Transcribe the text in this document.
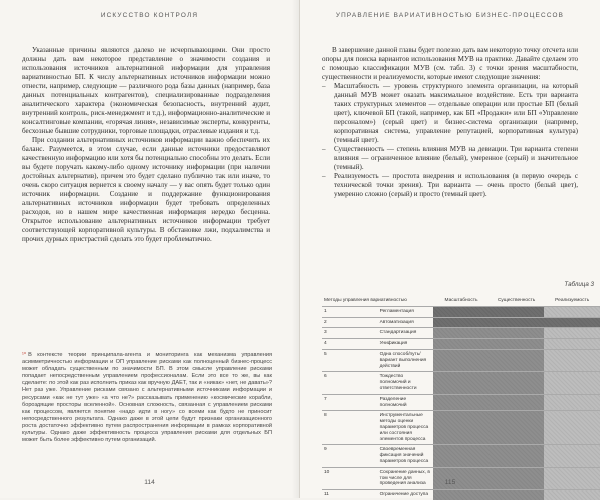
ИСКУССТВО КОНТРОЛЯ

Указанные причины являются далеко не исчерпывающими. Они просто должны дать вам некоторое представление о значимости создания и использования источников альтернативной информации для управления вариативностью БП. К числу альтернативных источников информации можно отнести, например, следующие — различного рода базы данных (например, база данных потенциальных контрагентов), специализированные подразделения аналитического характера (экономическая безопасность, внутренний аудит, внутренний контроль, риск-менеджмент и т.д.), информационно-аналитические и консалтинговые компании, «горячая линия», независимые эксперты, конкуренты, бесхозные бывшие сотрудники, торговые площадки, отраслевые издания и т.д.

При создании альтернативных источников информации важно обеспечить их баланс. Разумеется, в этом случае, если данные источники предоставляют качественную информацию или хотя бы потенциально способны это делать. Если вы будете поручать какому-либо одному источнику информации (при наличии достойных альтернатив), причем это будет сделано публично так или иначе, то очень скоро ситуация вернется к своему началу — у вас опять будет только один источник информации. Создание и поддержание функционирования альтернативных источников информации будет требовать определенных расходов, но в нашем мире качественная информация нередко бесценна. Открытое использование альтернативных источников информации требует соответствующей корпоративной культуры. В обстановке лжи, подхалимства и прочих дурных пристрастий сделать это будет проблематично.

¹⁰ В контексте теории принципала-агента и мониторинга как механизма управления асимметричностью информации и ОП управление рисками как полноценный бизнес-процесс может обладать существенным по значимости БП. В этом смысле управление рисками попадает непосредственным управлением профессионалам. Если это все то же, вы как сделаете: по этой как раз исполнить приказ как вручную ДАЕТ, так и «никак» «нет, не давать»? Нет раз уже. Управление рисками связано с альтернативными источниками информации и ресурсами «как не тут уже» «а что не?» рассказывать применению «космические корабли, бороздящие просторы вселенной». Основная сложность, связанная с управлением рисками как процессом, является понятие «надо идти в ногу» со всеми как будто не приносит непосредственного результата. Однако даже в этой цепи будут признаки организационного роста достаточно эффективно путем распространения информации в рамках корпоративной культуры. Однако даже эффективность процесса управления рисками для отдельных БП может быть более эффективно путем организаций.
114
УПРАВЛЕНИЕ ВАРИАТИВНОСТЬЮ БИЗНЕС-ПРОЦЕССОВ

В завершение данной главы будет полезно дать вам некоторую точку отсчета или опоры для поиска вариантов использования МУВ на практике. Давайте сделаем это с помощью классификации МУВ (см. табл. 3) с точки зрения масштабности, существенности и реализуемости, которые имеют следующие значения:

– Масштабность — уровень структурного элемента организации, на который данный МУВ может оказать максимальное воздействие. Есть три варианта таких структурных элементов — отдельные операции или простые БП (белый цвет), ключевой БП (такой, например, как БП «Продажи» или БП «Управление персоналом») (серый цвет) и бизнес-система организации (например, корпоративная система, управление репутацией, корпоративная культура) (темный цвет).
– Существенность — степень влияния МУВ на девиации. Три варианта степени влияния — ограниченное влияние (белый), умеренное (серый) и значительное (темный).
– Реализуемость — простота внедрения и использования (в первую очередь с технической точки зрения). Три варианта — очень просто (белый цвет), умеренно сложно (серый) и просто (темный цвет).
Таблица 3
Методы управления вариативностью		Масштабность	Существенность	Реализуемость
1	Регламентация			
2	Автоматизация			
3	Стандартизация			
4	Унификация			
5	Одна способ/путь/вариант выполнения действий			
6	Тождество полномочий и ответственности			
7	Разделение полномочий			
8	Инструментальные методы оценки параметров процесса или состояния элементов процесса			
9	Своевременная фиксация значений параметров процесса			
10	Сохранение данных, в том числе для проведения анализа			
11	Ограничение доступа			
115
